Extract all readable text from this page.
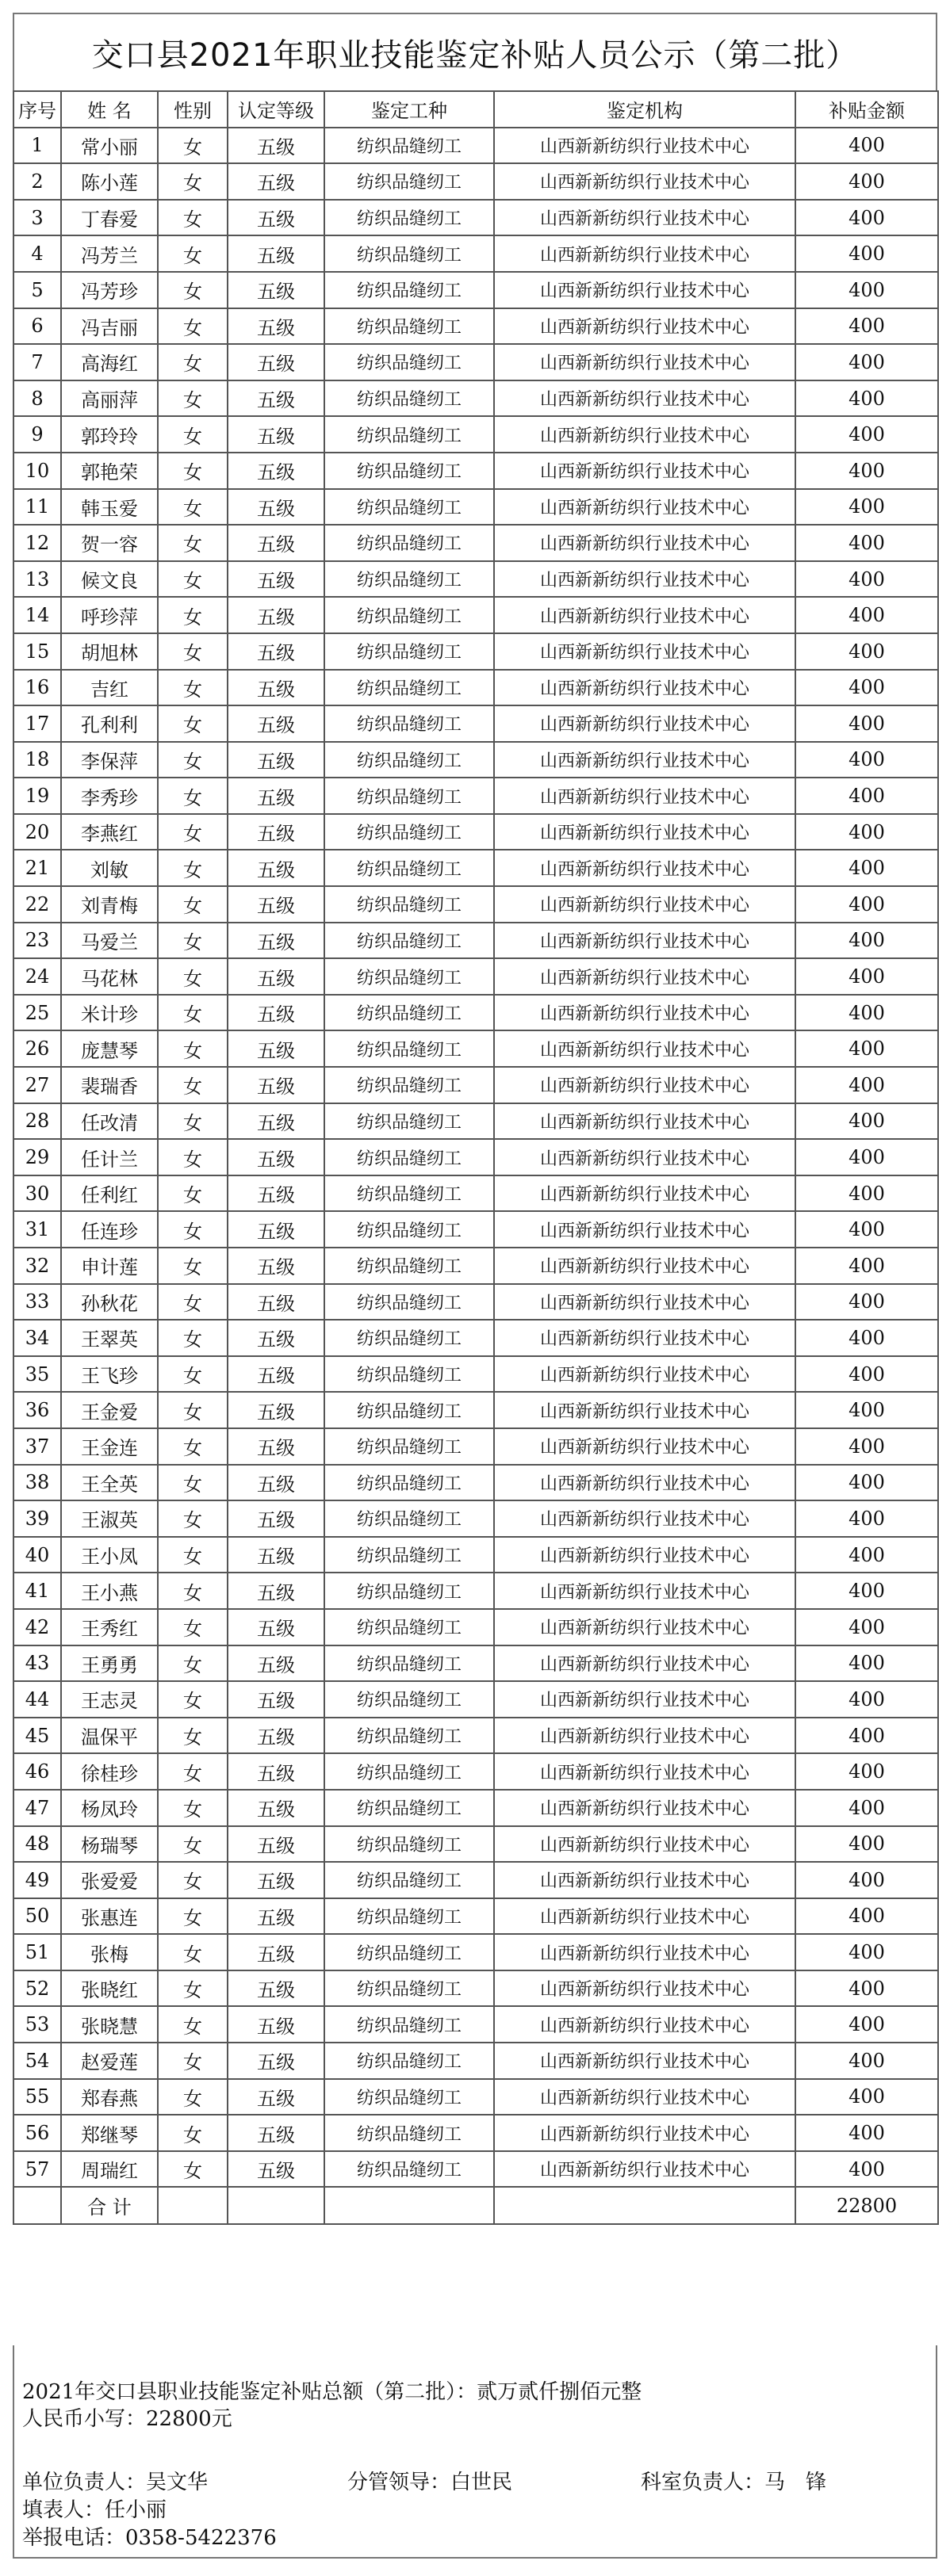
交口县2021年职业技能鉴定补贴人员公示（第二批）
序号	姓 名	性别	认定等级	鉴定工种	鉴定机构	补贴金额
1	常小丽	女	五级	纺织品缝纫工	山西新新纺织行业技术中心	400
2	陈小莲	女	五级	纺织品缝纫工	山西新新纺织行业技术中心	400
3	丁春爱	女	五级	纺织品缝纫工	山西新新纺织行业技术中心	400
4	冯芳兰	女	五级	纺织品缝纫工	山西新新纺织行业技术中心	400
5	冯芳珍	女	五级	纺织品缝纫工	山西新新纺织行业技术中心	400
6	冯吉丽	女	五级	纺织品缝纫工	山西新新纺织行业技术中心	400
7	高海红	女	五级	纺织品缝纫工	山西新新纺织行业技术中心	400
8	高丽萍	女	五级	纺织品缝纫工	山西新新纺织行业技术中心	400
9	郭玲玲	女	五级	纺织品缝纫工	山西新新纺织行业技术中心	400
10	郭艳荣	女	五级	纺织品缝纫工	山西新新纺织行业技术中心	400
11	韩玉爱	女	五级	纺织品缝纫工	山西新新纺织行业技术中心	400
12	贺一容	女	五级	纺织品缝纫工	山西新新纺织行业技术中心	400
13	候文良	女	五级	纺织品缝纫工	山西新新纺织行业技术中心	400
14	呼珍萍	女	五级	纺织品缝纫工	山西新新纺织行业技术中心	400
15	胡旭林	女	五级	纺织品缝纫工	山西新新纺织行业技术中心	400
16	吉红	女	五级	纺织品缝纫工	山西新新纺织行业技术中心	400
17	孔利利	女	五级	纺织品缝纫工	山西新新纺织行业技术中心	400
18	李保萍	女	五级	纺织品缝纫工	山西新新纺织行业技术中心	400
19	李秀珍	女	五级	纺织品缝纫工	山西新新纺织行业技术中心	400
20	李燕红	女	五级	纺织品缝纫工	山西新新纺织行业技术中心	400
21	刘敏	女	五级	纺织品缝纫工	山西新新纺织行业技术中心	400
22	刘青梅	女	五级	纺织品缝纫工	山西新新纺织行业技术中心	400
23	马爱兰	女	五级	纺织品缝纫工	山西新新纺织行业技术中心	400
24	马花林	女	五级	纺织品缝纫工	山西新新纺织行业技术中心	400
25	米计珍	女	五级	纺织品缝纫工	山西新新纺织行业技术中心	400
26	庞慧琴	女	五级	纺织品缝纫工	山西新新纺织行业技术中心	400
27	裴瑞香	女	五级	纺织品缝纫工	山西新新纺织行业技术中心	400
28	任改清	女	五级	纺织品缝纫工	山西新新纺织行业技术中心	400
29	任计兰	女	五级	纺织品缝纫工	山西新新纺织行业技术中心	400
30	任利红	女	五级	纺织品缝纫工	山西新新纺织行业技术中心	400
31	任连珍	女	五级	纺织品缝纫工	山西新新纺织行业技术中心	400
32	申计莲	女	五级	纺织品缝纫工	山西新新纺织行业技术中心	400
33	孙秋花	女	五级	纺织品缝纫工	山西新新纺织行业技术中心	400
34	王翠英	女	五级	纺织品缝纫工	山西新新纺织行业技术中心	400
35	王飞珍	女	五级	纺织品缝纫工	山西新新纺织行业技术中心	400
36	王金爱	女	五级	纺织品缝纫工	山西新新纺织行业技术中心	400
37	王金连	女	五级	纺织品缝纫工	山西新新纺织行业技术中心	400
38	王全英	女	五级	纺织品缝纫工	山西新新纺织行业技术中心	400
39	王淑英	女	五级	纺织品缝纫工	山西新新纺织行业技术中心	400
40	王小凤	女	五级	纺织品缝纫工	山西新新纺织行业技术中心	400
41	王小燕	女	五级	纺织品缝纫工	山西新新纺织行业技术中心	400
42	王秀红	女	五级	纺织品缝纫工	山西新新纺织行业技术中心	400
43	王勇勇	女	五级	纺织品缝纫工	山西新新纺织行业技术中心	400
44	王志灵	女	五级	纺织品缝纫工	山西新新纺织行业技术中心	400
45	温保平	女	五级	纺织品缝纫工	山西新新纺织行业技术中心	400
46	徐桂珍	女	五级	纺织品缝纫工	山西新新纺织行业技术中心	400
47	杨凤玲	女	五级	纺织品缝纫工	山西新新纺织行业技术中心	400
48	杨瑞琴	女	五级	纺织品缝纫工	山西新新纺织行业技术中心	400
49	张爱爱	女	五级	纺织品缝纫工	山西新新纺织行业技术中心	400
50	张惠连	女	五级	纺织品缝纫工	山西新新纺织行业技术中心	400
51	张梅	女	五级	纺织品缝纫工	山西新新纺织行业技术中心	400
52	张晓红	女	五级	纺织品缝纫工	山西新新纺织行业技术中心	400
53	张晓慧	女	五级	纺织品缝纫工	山西新新纺织行业技术中心	400
54	赵爱莲	女	五级	纺织品缝纫工	山西新新纺织行业技术中心	400
55	郑春燕	女	五级	纺织品缝纫工	山西新新纺织行业技术中心	400
56	郑继琴	女	五级	纺织品缝纫工	山西新新纺织行业技术中心	400
57	周瑞红	女	五级	纺织品缝纫工	山西新新纺织行业技术中心	400
	合 计					22800
2021年交口县职业技能鉴定补贴总额（第二批）：贰万贰仟捌佰元整
人民币小写：22800元
单位负责人：吴文华	分管领导：白世民	科室负责人：马　锋
填表人：任小丽
举报电话：0358-5422376
